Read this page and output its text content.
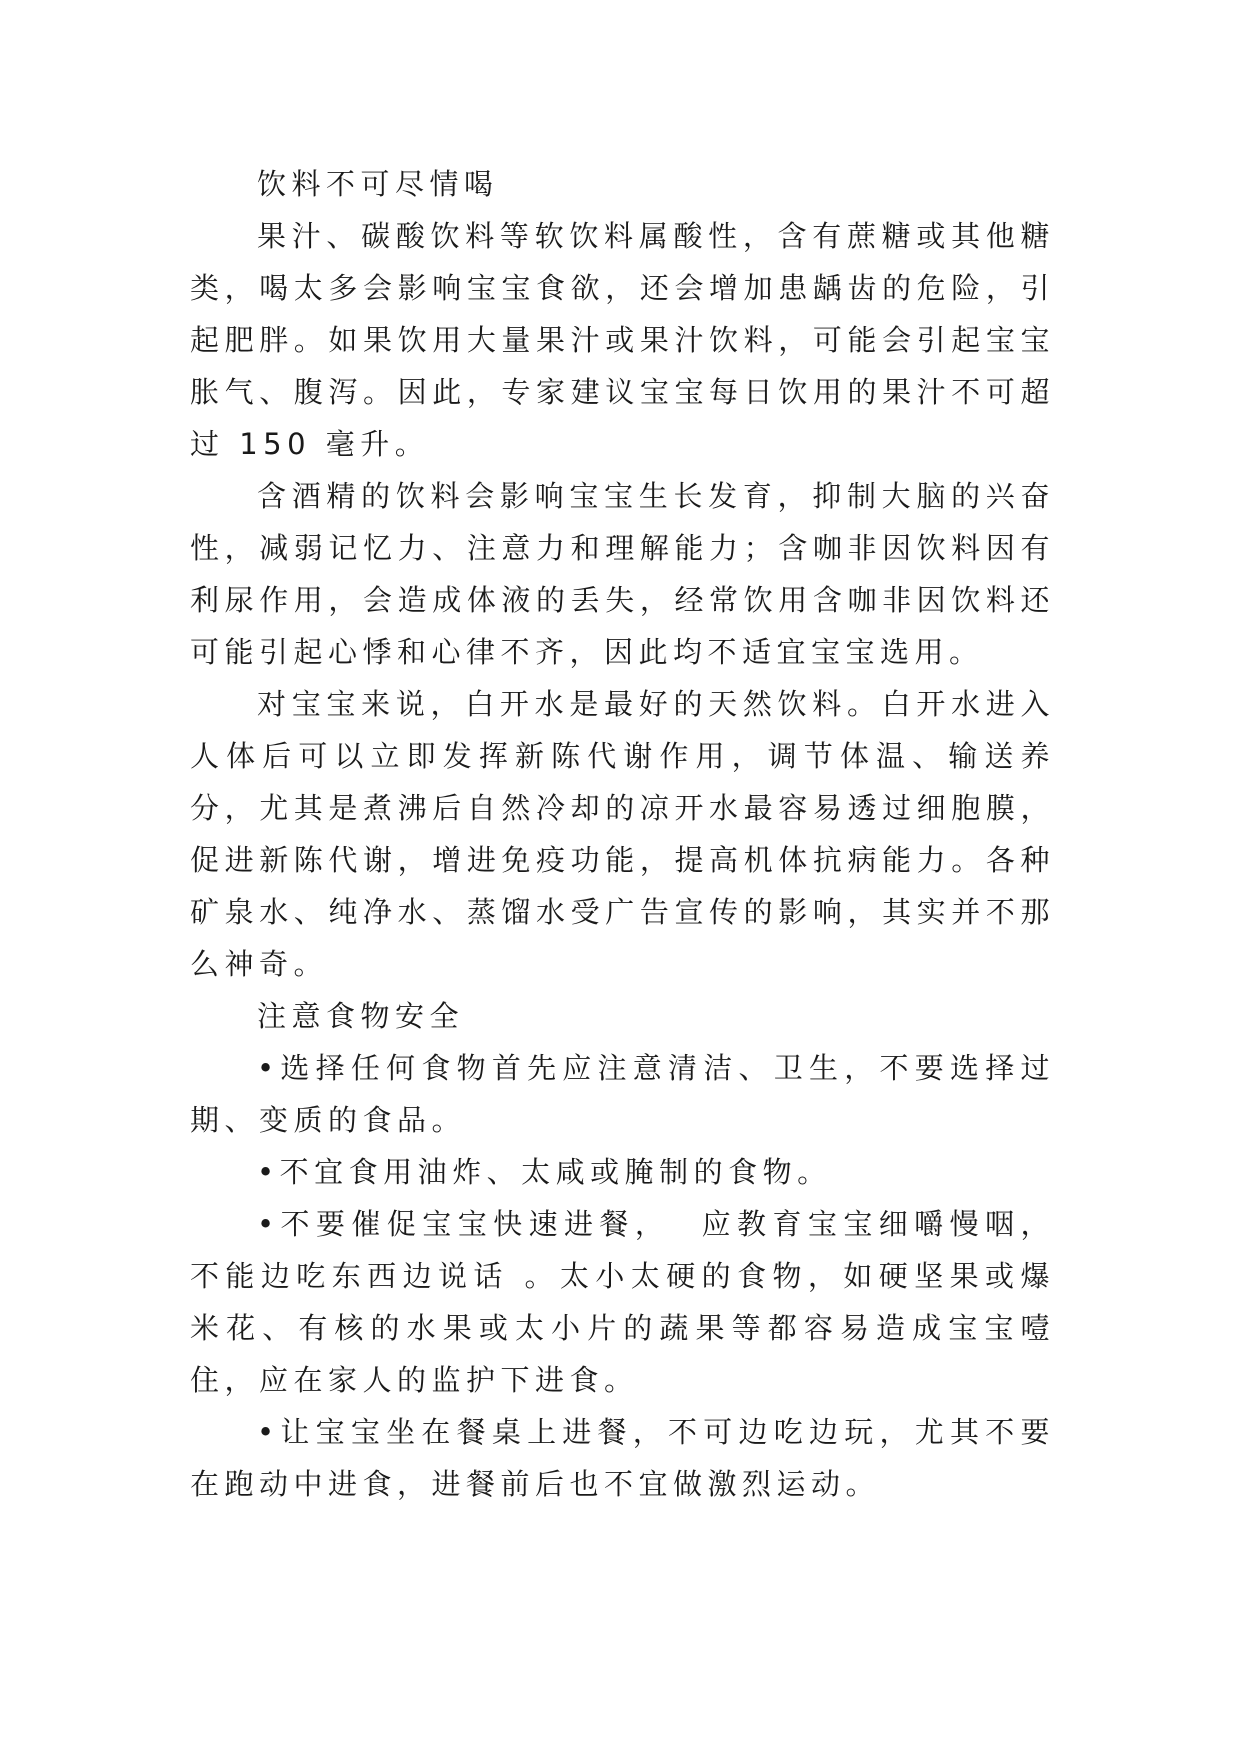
饮料不可尽情喝

果汁、碳酸饮料等软饮料属酸性，含有蔗糖或其他糖类，喝太多会影响宝宝食欲，还会增加患龋齿的危险，引起肥胖。如果饮用大量果汁或果汁饮料，可能会引起宝宝胀气、腹泻。因此，专家建议宝宝每日饮用的果汁不可超过 150 毫升。

含酒精的饮料会影响宝宝生长发育，抑制大脑的兴奋性，减弱记忆力、注意力和理解能力；含咖非因饮料因有利尿作用，会造成体液的丢失，经常饮用含咖非因饮料还可能引起心悸和心律不齐，因此均不适宜宝宝选用。

对宝宝来说，白开水是最好的天然饮料。白开水进入人体后可以立即发挥新陈代谢作用，调节体温、输送养分，尤其是煮沸后自然冷却的凉开水最容易透过细胞膜，促进新陈代谢，增进免疫功能，提高机体抗病能力。各种矿泉水、纯净水、蒸馏水受广告宣传的影响，其实并不那么神奇。

注意食物安全

•选择任何食物首先应注意清洁、卫生，不要选择过期、变质的食品。

•不宜食用油炸、太咸或腌制的食物。

•不要催促宝宝快速进餐，  应教育宝宝细嚼慢咽，不能边吃东西边说话 。太小太硬的食物，如硬坚果或爆米花、有核的水果或太小片的蔬果等都容易造成宝宝噎住，应在家人的监护下进食。

•让宝宝坐在餐桌上进餐，不可边吃边玩，尤其不要在跑动中进食，进餐前后也不宜做激烈运动。
